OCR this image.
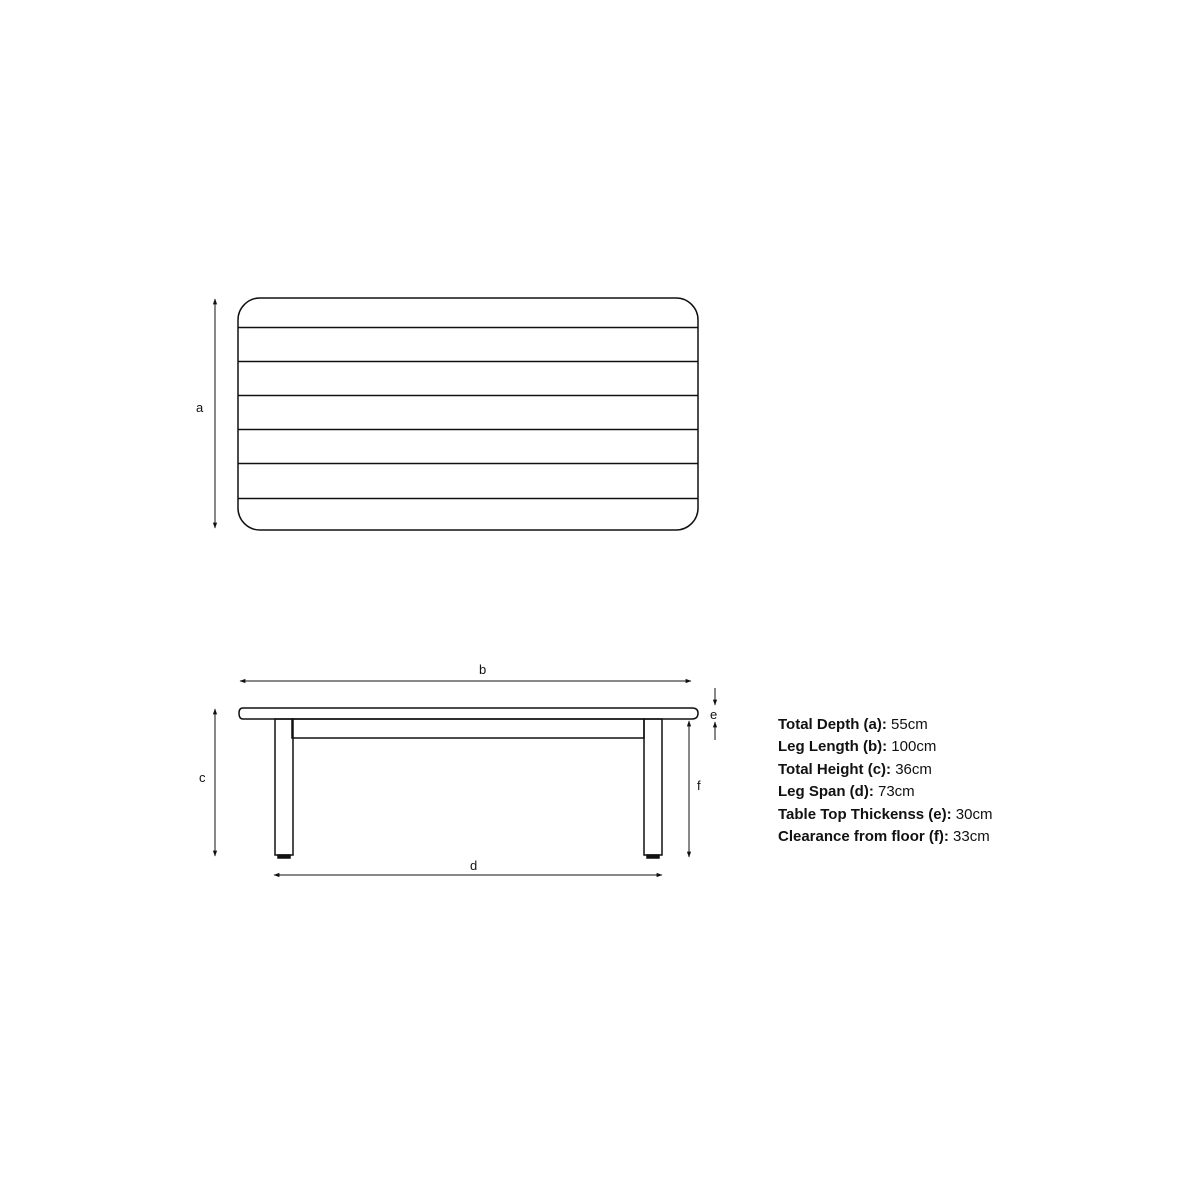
a
b
c
d
e
f
Total Depth (a): 55cm
Leg Length (b): 100cm
Total Height (c): 36cm
Leg Span (d): 73cm
Table Top Thickenss (e): 30cm
Clearance from floor (f): 33cm
